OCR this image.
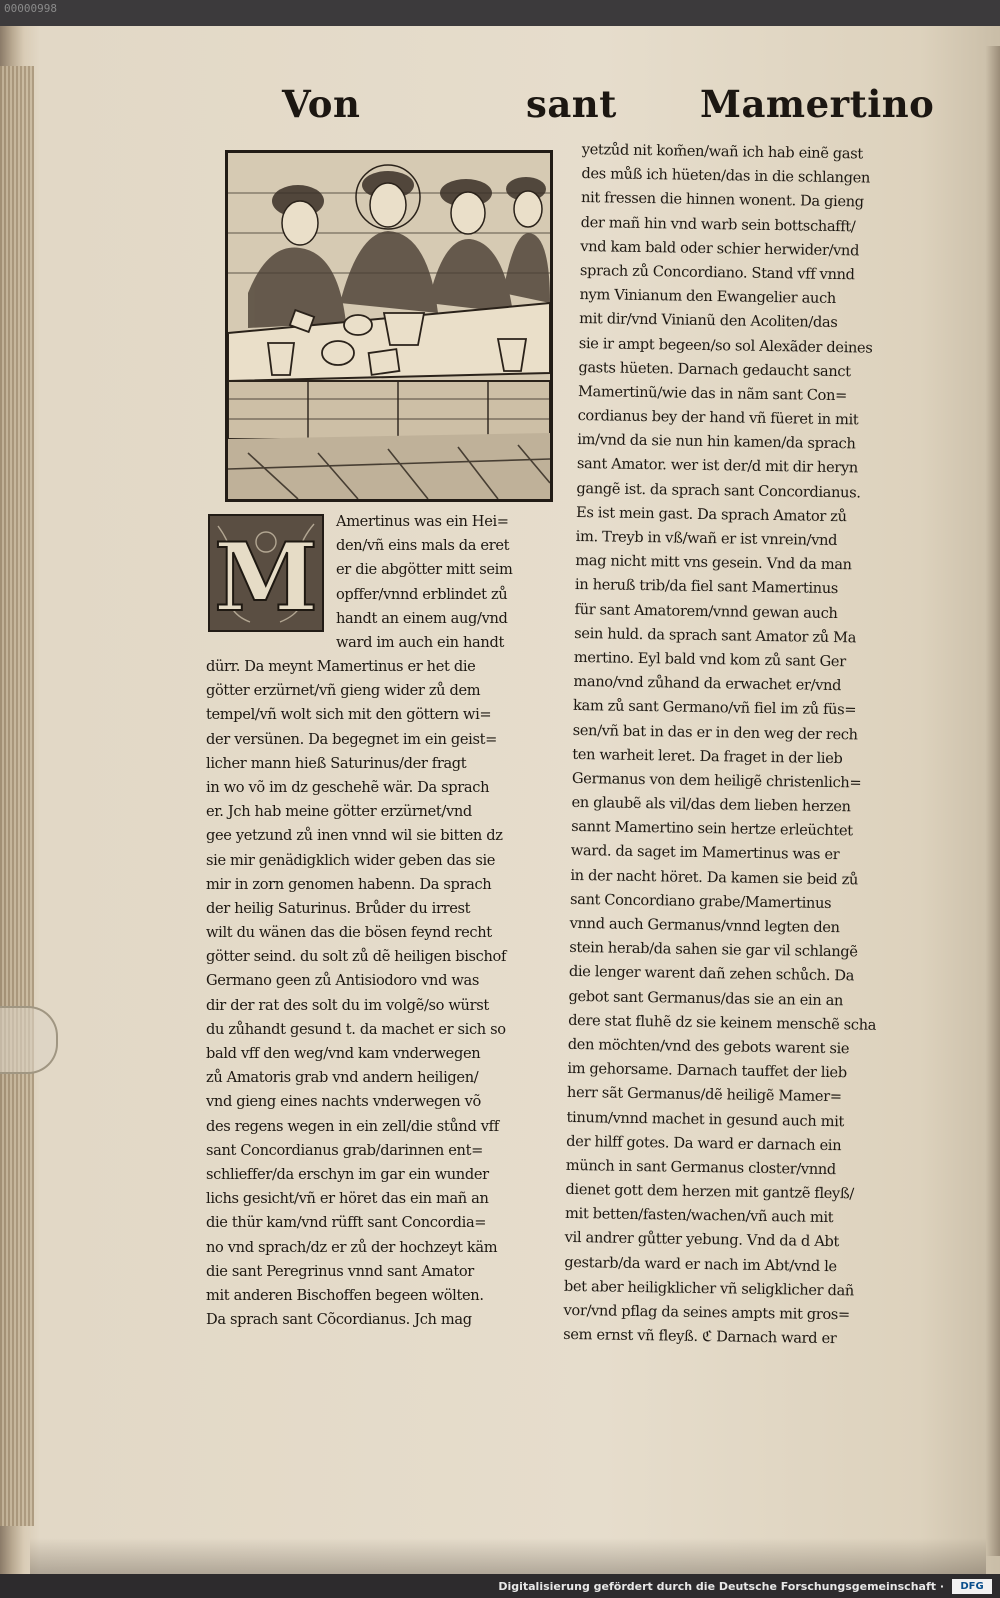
00000998
Von	sant Mamertino
M
Amertinus was ein Hei=
den/vñ eins mals da eret
er die abgötter mitt seim
opffer/vnnd erblindet zů
handt an einem aug/vnd
ward im auch ein handt
dürr. Da meynt Mamertinus er het die
götter erzürnet/vñ gieng wider zů dem
tempel/vñ wolt sich mit den göttern wi=
der versünen. Da begegnet im ein geist=
licher mann hieß Saturinus/der fragt
in wo võ im dz geschehẽ wär. Da sprach
er. Jch hab meine götter erzürnet/vnd
gee yetzund zů inen vnnd wil sie bitten dz
sie mir genädigklich wider geben das sie
mir in zorn genomen habenn. Da sprach
der heilig Saturinus. Brůder du irrest
wilt du wänen das die bösen feynd recht
götter seind. du solt zů dẽ heiligen bischof
Germano geen zů Antisiodoro vnd was
dir der rat des solt du im volgẽ/so würst
du zůhandt gesund t. da machet er sich so
bald vff den weg/vnd kam vnderwegen
zů Amatoris grab vnd andern heiligen/
vnd gieng eines nachts vnderwegen võ
des regens wegen in ein zell/die stůnd vff
sant Concordianus grab/darinnen ent=
schlieffer/da erschyn im gar ein wunder
lichs gesicht/vñ er höret das ein mañ an
die thür kam/vnd rüfft sant Concordia=
no vnd sprach/dz er zů der hochzeyt käm
die sant Peregrinus vnnd sant Amator
mit anderen Bischoffen begeen wölten.
Da sprach sant Cõcordianus. Jch mag
yetzůd nit kom̃en/wañ ich hab einẽ gast
des můß ich hüeten/das in die schlangen
nit fressen die hinnen wonent. Da gieng
der mañ hin vnd warb sein bottschafft/
vnd kam bald oder schier herwider/vnd
sprach zů Concordiano. Stand vff vnnd
nym Vinianum den Ewangelier auch
mit dir/vnd Vinianũ den Acoliten/das
sie ir ampt begeen/so sol Alexãder deines
gasts hüeten. Darnach gedaucht sanct
Mamertinũ/wie das in nãm sant Con=
cordianus bey der hand vñ füeret in mit
im/vnd da sie nun hin kamen/da sprach
sant Amator. wer ist der/d mit dir heryn
gangẽ ist. da sprach sant Concordianus.
Es ist mein gast. Da sprach Amator zů
im. Treyb in vß/wañ er ist vnrein/vnd
mag nicht mitt vns gesein. Vnd da man
in heruß trib/da fiel sant Mamertinus
für sant Amatorem/vnnd gewan auch
sein huld. da sprach sant Amator zů Ma
mertino. Eyl bald vnd kom zů sant Ger
mano/vnd zůhand da erwachet er/vnd
kam zů sant Germano/vñ fiel im zů füs=
sen/vñ bat in das er in den weg der rech
ten warheit leret. Da fraget in der lieb
Germanus von dem heiligẽ christenlich=
en glaubẽ als vil/das dem lieben herzen
sannt Mamertino sein hertze erleüchtet
ward. da saget im Mamertinus was er
in der nacht höret. Da kamen sie beid zů
sant Concordiano grabe/Mamertinus
vnnd auch Germanus/vnnd legten den
stein herab/da sahen sie gar vil schlangẽ
die lenger warent dañ zehen schůch. Da
gebot sant Germanus/das sie an ein an
dere stat fluhẽ dz sie keinem menschẽ scha
den möchten/vnd des gebots warent sie
im gehorsame. Darnach tauffet der lieb
herr sãt Germanus/dẽ heiligẽ Mamer=
tinum/vnnd machet in gesund auch mit
der hilff gotes. Da ward er darnach ein
münch in sant Germanus closter/vnnd
dienet gott dem herzen mit gantzẽ fleyß/
mit betten/fasten/wachen/vñ auch mit
vil andrer gůtter yebung. Vnd da d Abt
gestarb/da ward er nach im Abt/vnd le
bet aber heiligklicher vñ seligklicher dañ
vor/vnd pflag da seines ampts mit gros=
sem ernst vñ fleyß. ℭ Darnach ward er
Digitalisierung gefördert durch die Deutsche Forschungsgemeinschaft ·	DFG
